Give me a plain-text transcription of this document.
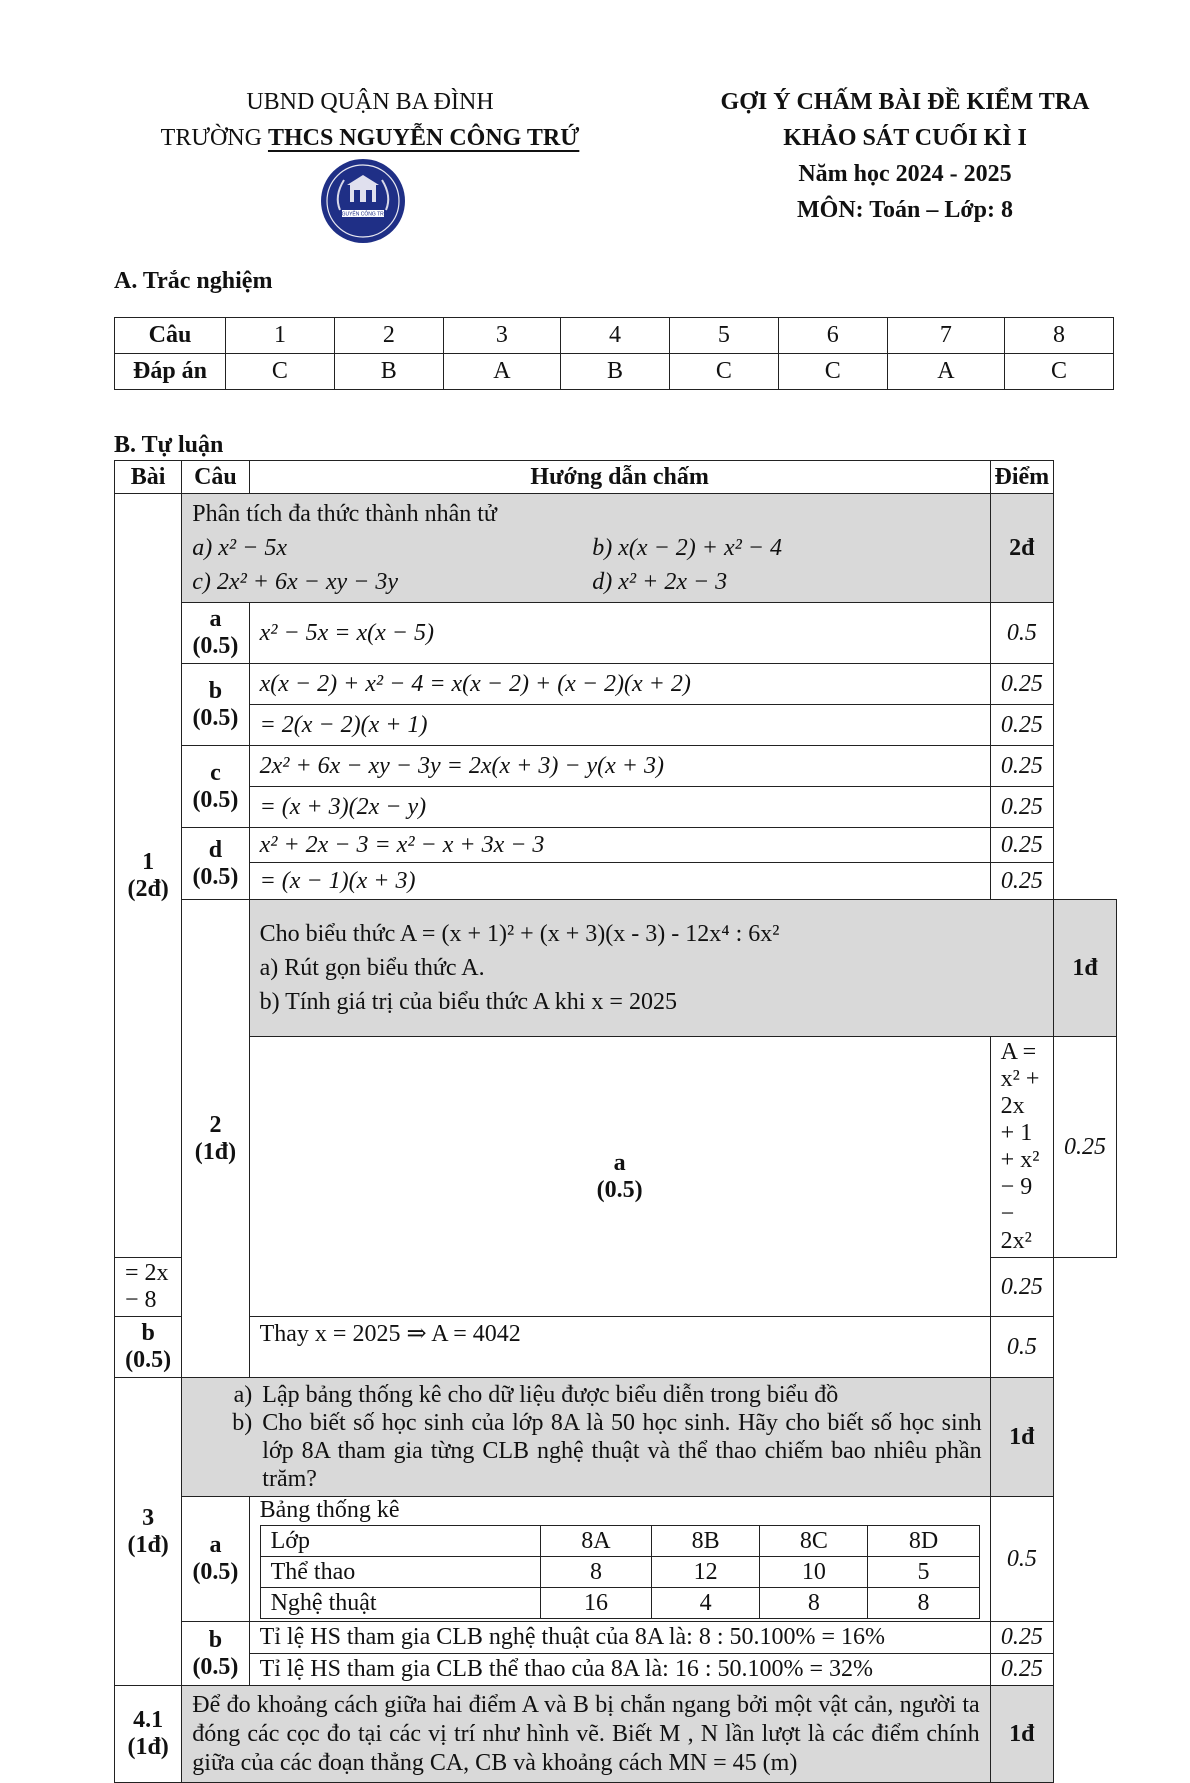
UBND QUẬN BA ĐÌNH
TRƯỜNG THCS NGUYỄN CÔNG TRỨ
NGUYỄN CÔNG TRỨ
GỢI Ý CHẤM BÀI ĐỀ KIỂM TRA
KHẢO SÁT CUỐI KÌ I
Năm học 2024 - 2025
MÔN: Toán – Lớp: 8
A. Trắc nghiệm
Câu	1	2	3	4	5	6	7	8
Đáp án	C	B	A	B	C	C	A	C
B. Tự luận
Bài	Câu	Hướng dẫn chấm	Điểm

1
(2đ)

Phân tích đa thức thành nhân tử
a) x² − 5x	b) x(x − 2) + x² − 4
c) 2x² + 6x − xy − 3y	d) x² + 2x − 3
	2đ

a
(0.5)
	x² − 5x = x(x − 5)	0.5

b
(0.5)
	x(x − 2) + x² − 4 = x(x − 2) + (x − 2)(x + 2)	0.25
= 2(x − 2)(x + 1)	0.25

c
(0.5)
	2x² + 6x − xy − 3y = 2x(x + 3) − y(x + 3)	0.25
= (x + 3)(2x − y)	0.25

d
(0.5)
	x² + 2x − 3 = x² − x + 3x − 3	0.25
= (x − 1)(x + 3)	0.25

2
(1đ)

Cho biểu thức A = (x + 1)² + (x + 3)(x - 3) - 12x⁴ : 6x²
a) Rút gọn biểu thức A.
b) Tính giá trị của biểu thức A khi x = 2025
	1đ

a
(0.5)
	A = x² + 2x + 1 + x² − 9 − 2x²	0.25
= 2x − 8	0.25

b
(0.5)
	Thay x = 2025 ⇒ A = 4042	0.5

3
(1đ)

a) Lập bảng thống kê cho dữ liệu được biểu diễn trong biểu đồ
b) Cho biết số học sinh của lớp 8A là 50 học sinh. Hãy cho biết số học sinh lớp 8A tham gia từng CLB nghệ thuật và thể thao chiếm bao nhiêu phần trăm?
	1đ

a
(0.5)

Bảng thống kê
Lớp	8A	8B	8C	8D
Thể thao	8	12	10	5
Nghệ thuật	16	4	8	8
	0.5

b
(0.5)
	Tỉ lệ HS tham gia CLB nghệ thuật của 8A là: 8 : 50.100% = 16%	0.25
Tỉ lệ HS tham gia CLB thể thao của 8A là: 16 : 50.100% = 32%	0.25

4.1
(1đ)
	Để đo khoảng cách giữa hai điểm A và B bị chắn ngang bởi một vật cản, người ta đóng các cọc đo tại các vị trí như hình vẽ. Biết M , N lần lượt là các điểm chính giữa của các đoạn thẳng CA, CB và khoảng cách MN = 45 (m)	1đ
